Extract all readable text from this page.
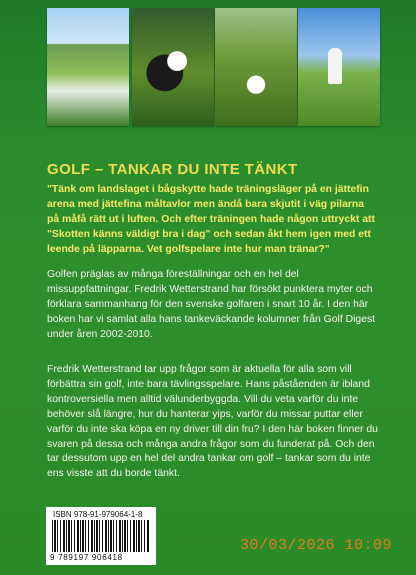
GOLF – TANKAR DU INTE TÄNKT

"Tänk om landslaget i bågskytte hade träningsläger på en jättefin arena med jättefina måltavlor men ändå bara skjutit i väg pilarna på måfå rätt ut i luften. Och efter träningen hade någon uttryckt att "Skotten känns väldigt bra i dag" och sedan åkt hem igen med ett leende på läpparna. Vet golfspelare inte hur man tränar?"

Golfen präglas av många föreställningar och en hel del missuppfattningar. Fredrik Wetterstrand har försökt punktera myter och förklara sammanhang för den svenske golfaren i snart 10 år. I den här boken har vi samlat alla hans tankeväckande kolumner från Golf Digest under åren 2002-2010.

Fredrik Wetterstrand tar upp frågor som är aktuella för alla som vill förbättra sin golf, inte bara tävlingsspelare. Hans påståenden är ibland kontroversiella men alltid välunderbyggda. Vill du veta varför du inte behöver slå längre, hur du hanterar yips, varför du missar puttar eller varför du inte ska köpa en ny driver till din fru? I den här boken finner du svaren på dessa och många andra frågor som du funderat på. Och den tar dessutom upp en hel del andra tankar om golf – tankar som du inte ens visste att du borde tänkt.

ISBN 978-91-979064-1-8
9 789197 906418
30/03/2026 10:09
